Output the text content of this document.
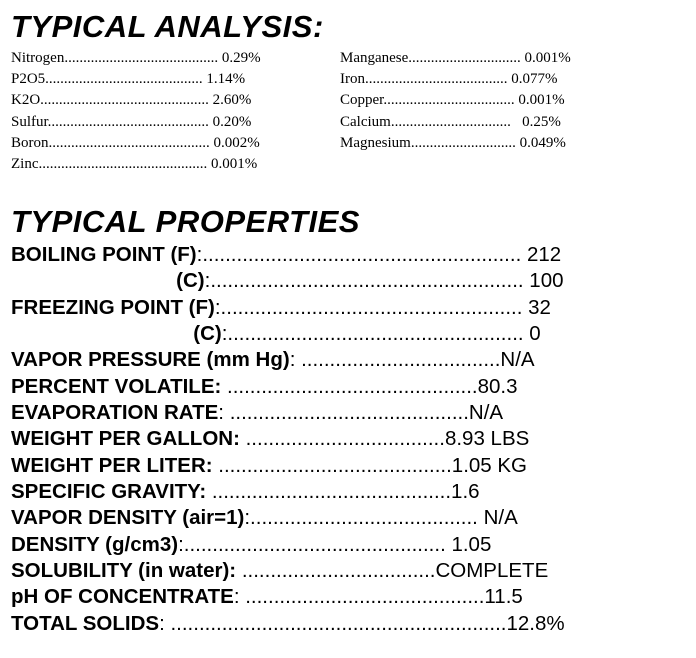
TYPICAL ANALYSIS:
Nitrogen......................................... 0.29%
P2O5.......................................... 1.14%
K2O............................................. 2.60%
Sulfur........................................... 0.20%
Boron........................................... 0.002%
Zinc............................................. 0.001%
Manganese.............................. 0.001%
Iron...................................... 0.077%
Copper................................... 0.001%
Calcium................................   0.25%
Magnesium............................ 0.049%
TYPICAL PROPERTIES
BOILING POINT (F):........................................................ 212
(C):....................................................... 100
FREEZING POINT (F):..................................................... 32
(C):.................................................... 0
VAPOR PRESSURE (mm Hg): ...................................N/A
PERCENT VOLATILE: ............................................80.3
EVAPORATION RATE: ..........................................N/A
WEIGHT PER GALLON: ...................................8.93 LBS
WEIGHT PER LITER: .........................................1.05 KG
SPECIFIC GRAVITY: ..........................................1.6
VAPOR DENSITY (air=1):........................................ N/A
DENSITY (g/cm3):.............................................. 1.05
SOLUBILITY (in water): ..................................COMPLETE
pH OF CONCENTRATE: ..........................................11.5
TOTAL SOLIDS: ...........................................................12.8%
